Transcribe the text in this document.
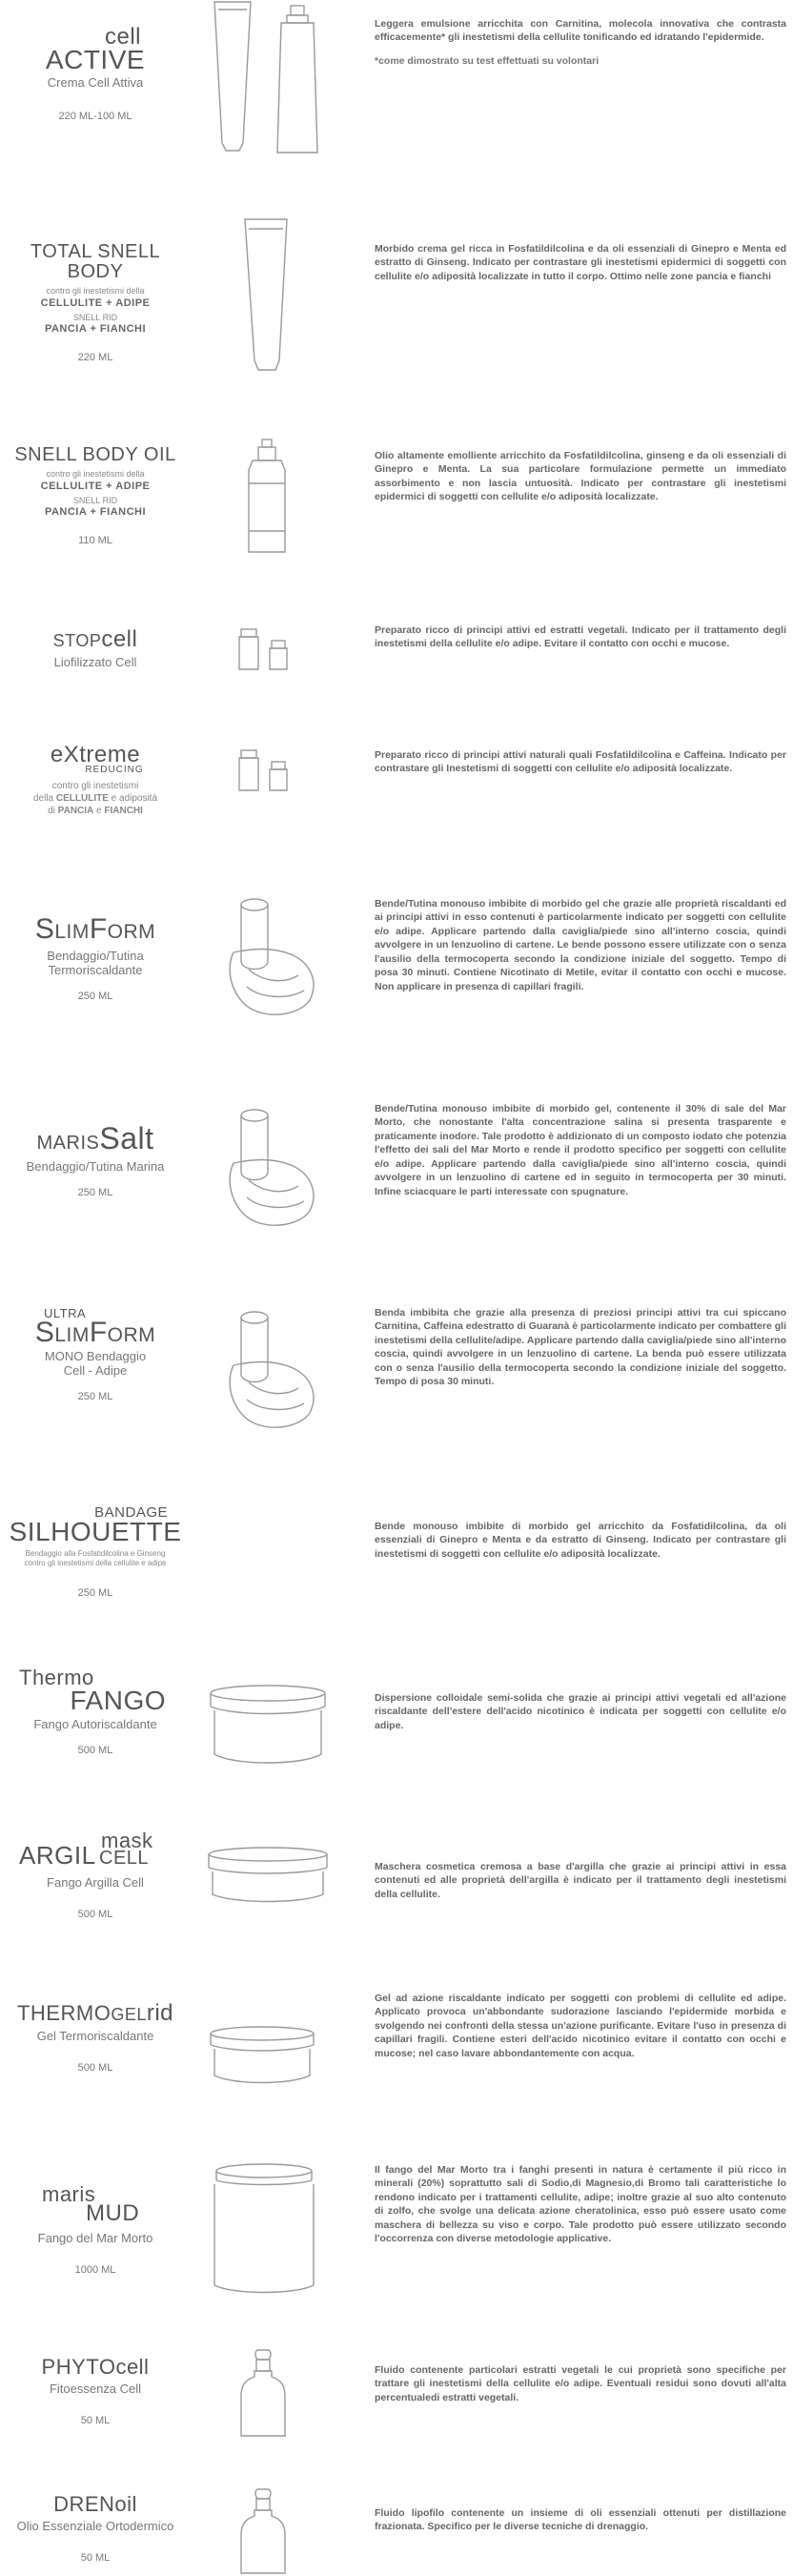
cell
ACTIVE
Crema Cell Attiva
220 ML-100 ML
Leggera emulsione arricchita con Carnitina, molecola innovativa che contrasta efficacemente* gli inestetismi della cellulite tonificando ed idratando l'epidermide.
*come dimostrato su test effettuati su volontari
TOTAL SNELL BODY
contro gli inestetismi della
CELLULITE + ADIPE
SNELL RID
PANCIA + FIANCHI
220 ML
Morbido crema gel ricca in Fosfatildilcolina e da oli essenziali di Ginepro e Menta ed estratto di Ginseng. Indicato per contrastare gli inestetismi epidermici di soggetti con cellulite e/o adiposità localizzate in tutto il corpo. Ottimo nelle zone pancia e fianchi
SNELL BODY OIL
contro gli inestetismi della
CELLULITE + ADIPE
SNELL RID
PANCIA + FIANCHI
110 ML
Olio altamente emolliente arricchito da Fosfatildilcolina, ginseng e da oli essenziali di Ginepro e Menta. La sua particolare formulazione permette un immediato assorbimento e non lascia untuosità. Indicato per contrastare gli inestetismi epidermici di soggetti con cellulite e/o adiposità localizzate.
STOPcell
Liofilizzato Cell
Preparato ricco di principi attivi ed estratti vegetali. Indicato per il trattamento degli inestetismi della cellulite e/o adipe. Evitare il contatto con occhi e mucose.
eXtreme
REDUCING
contro gli inestetismi
della CELLULITE e adiposità
di PANCIA e FIANCHI
Preparato ricco di principi attivi naturali quali Fosfatildilcolina e Caffeina. Indicato per contrastare gli Inestetismi di soggetti con cellulite e/o adiposità localizzate.
SlimForm
Bendaggio/Tutina Termoriscaldante
250 ML
Bende/Tutina monouso imbibite di morbido gel che grazie alle proprietà riscaldanti ed ai principi attivi in esso contenuti è particolarmente indicato per soggetti con cellulite e/o adipe. Applicare partendo dalla caviglia/piede sino all'interno coscia, quindi avvolgere in un lenzuolino di cartene. Le bende possono essere utilizzate con o senza l'ausilio della termocoperta secondo la condizione iniziale del soggetto. Tempo di posa 30 minuti. Contiene Nicotinato di Metile, evitar il contatto con occhi e mucose. Non applicare in presenza di capillari fragili.
MARISSalt
Bendaggio/Tutina Marina
250 ML
Bende/Tutina monouso imbibite di morbido gel, contenente il 30% di sale del Mar Morto, che nonostante l'alta concentrazione salina si presenta trasparente e praticamente inodore. Tale prodotto è addizionato di un composto iodato che potenzia l'effetto dei sali del Mar Morto e rende il prodotto specifico per soggetti con cellulite e/o adipe. Applicare partendo dalla caviglia/piede sino all'interno coscia, quindi avvolgere in un lenzuolino di cartene ed in seguito in termocoperta per 30 minuti. Infine sciacquare le parti interessate con spugnature.
ULTRA
SlimForm
MONO Bendaggio Cell - Adipe
250 ML
Benda imbibita che grazie alla presenza di preziosi principi attivi tra cui spiccano Carnitina, Caffeina edestratto di Guaranà è particolarmente indicato per combattere gli inestetismi della cellulite/adipe. Applicare partendo dalla caviglia/piede sino all'interno coscia, quindi avvolgere in un lenzuolino di cartene. La benda può essere utilizzata con o senza l'ausilio della termocoperta secondo la condizione iniziale del soggetto. Tempo di posa 30 minuti.
BANDAGE
SILHOUETTE
Bendaggio alla Fosfatidilcolina e Ginseng
contro gli inestetismi della cellulite e adipe
250 ML
Bende monouso imbibite di morbido gel arricchito da Fosfatidilcolina, da oli essenziali di Ginepro e Menta e da estratto di Ginseng. Indicato per contrastare gli inestetismi di soggetti con cellulite e/o adiposità localizzate.
Thermo
FANGO
Fango Autoriscaldante
500 ML
Dispersione colloidale semi-solida che grazie ai principi attivi vegetali ed all'azione riscaldante dell'estere dell'acido nicotinico è indicata per soggetti con cellulite e/o adipe.
ARGIL
mask
CELL
Fango Argilla Cell
500 ML
Maschera cosmetica cremosa a base d'argilla che grazie ai principi attivi in essa contenuti ed alle proprietà dell'argilla è indicato per il trattamento degli inestetismi della cellulite.
THERMOGELrid
Gel Termoriscaldante
500 ML
Gel ad azione riscaldante indicato per soggetti con problemi di cellulite ed adipe. Applicato provoca un'abbondante sudorazione lasciando l'epidermide morbida e svolgendo nei confronti della stessa un'azione purificante. Evitare l'uso in presenza di capillari fragili. Contiene esteri dell'acido nicotinico evitare il contatto con occhi e mucose; nel caso lavare abbondantemente con acqua.
maris
MUD
Fango del Mar Morto
1000 ML
Il fango del Mar Morto tra i fanghi presenti in natura è certamente il più ricco in minerali (20%) soprattutto sali di Sodio,di Magnesio,di Bromo tali caratteristiche lo rendono indicato per i trattamenti cellulite, adipe; inoltre grazie al suo alto contenuto di zolfo, che svolge una delicata azione cheratolinica, esso può essere usato come maschera di bellezza su viso e corpo. Tale prodotto può essere utilizzato secondo l'occorrenza con diverse metodologie applicative.
PHYTOcell
Fitoessenza Cell
50 ML
Fluido contenente particolari estratti vegetali le cui proprietà sono specifiche per trattare gli inestetismi della cellulite e/o adipe. Eventuali residui sono dovuti all'alta percentualedi estratti vegetali.
DRENoil
Olio Essenziale Ortodermico
50 ML
Fluido lipofilo contenente un insieme di oli essenziali ottenuti per distillazione frazionata. Specifico per le diverse tecniche di drenaggio.
